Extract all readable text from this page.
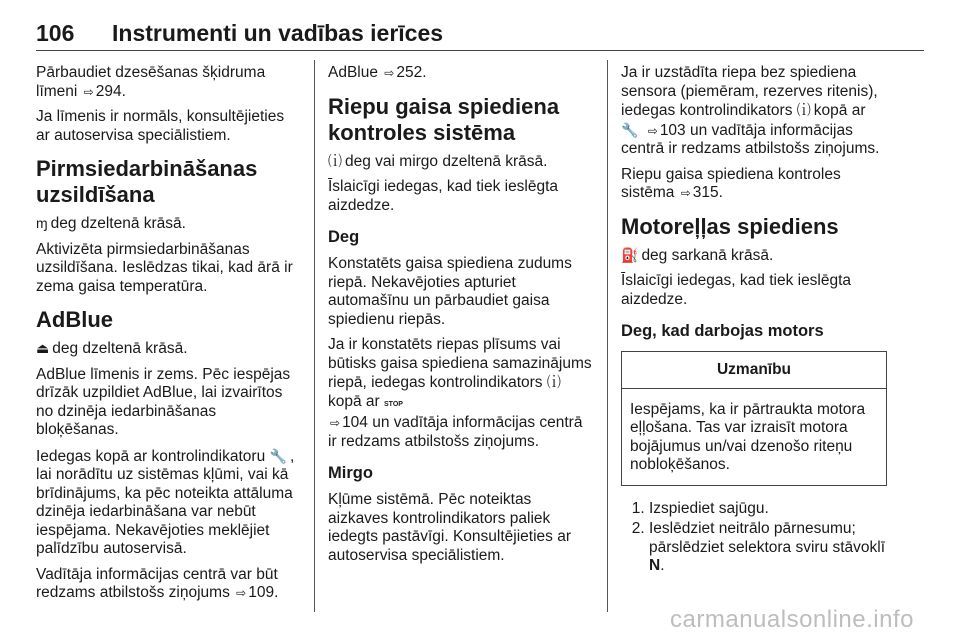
106 Instrumenti un vadības ierīces

Pārbaudiet dzesēšanas šķidruma līmeni ⇨ 294.

Ja līmenis ir normāls, konsultējieties ar autoservisa speciālistiem.

Pirmsiedarbināšanas uzsildīšana

ɱ deg dzeltenā krāsā.

Aktivizēta pirmsiedarbināšanas uzsildīšana. Ieslēdzas tikai, kad ārā ir zema gaisa temperatūra.

AdBlue

⏏ deg dzeltenā krāsā.

AdBlue līmenis ir zems. Pēc iespējas drīzāk uzpildiet AdBlue, lai izvairītos no dzinēja iedarbināšanas bloķēšanas.

Iedegas kopā ar kontrolindikatoru 🔧 , lai norādītu uz sistēmas kļūmi, vai kā brīdinājums, ka pēc noteikta attāluma dzinēja iedarbināšana var nebūt iespējama. Nekavējoties meklējiet palīdzību autoservisā.

Vadītāja informācijas centrā var būt redzams atbilstošs ziņojums ⇨ 109.

AdBlue ⇨ 252.

Riepu gaisa spiediena kontroles sistēma

⒤ deg vai mirgo dzeltenā krāsā.

Īslaicīgi iedegas, kad tiek ieslēgta aizdedze.

Deg

Konstatēts gaisa spiediena zudums riepā. Nekavējoties apturiet automašīnu un pārbaudiet gaisa spiedienu riepās.

Ja ir konstatēts riepas plīsums vai būtisks gaisa spiediena samazinājums riepā, iedegas kontrolindikators ⒤kopā ar STOP
⇨ 104 un vadītāja informācijas centrā ir redzams atbilstošs ziņojums.

Mirgo

Kļūme sistēmā. Pēc noteiktas aizkaves kontrolindikators paliek iedegts pastāvīgi. Konsultējieties ar autoservisa speciālistiem.

Ja ir uzstādīta riepa bez spiediena sensora (piemēram, rezerves ritenis), iedegas kontrolindikators ⒤ kopā ar
🔧 ⇨ 103 un vadītāja informācijas centrā ir redzams atbilstošs ziņojums.

Riepu gaisa spiediena kontroles sistēma ⇨ 315.

Motoreļļas spiediens

⛽ deg sarkanā krāsā.

Īslaicīgi iedegas, kad tiek ieslēgta aizdedze.

Deg, kad darbojas motors
Uzmanību
Iespējams, ka ir pārtraukta motora eļļošana. Tas var izraisīt motora bojājumus un/vai dzenošo riteņu nobloķēšanos.
1. Izspiediet sajūgu.
2. Ieslēdziet neitrālo pārnesumu; pārslēdziet selektora sviru stāvoklī N.
carmanualsonline.info
